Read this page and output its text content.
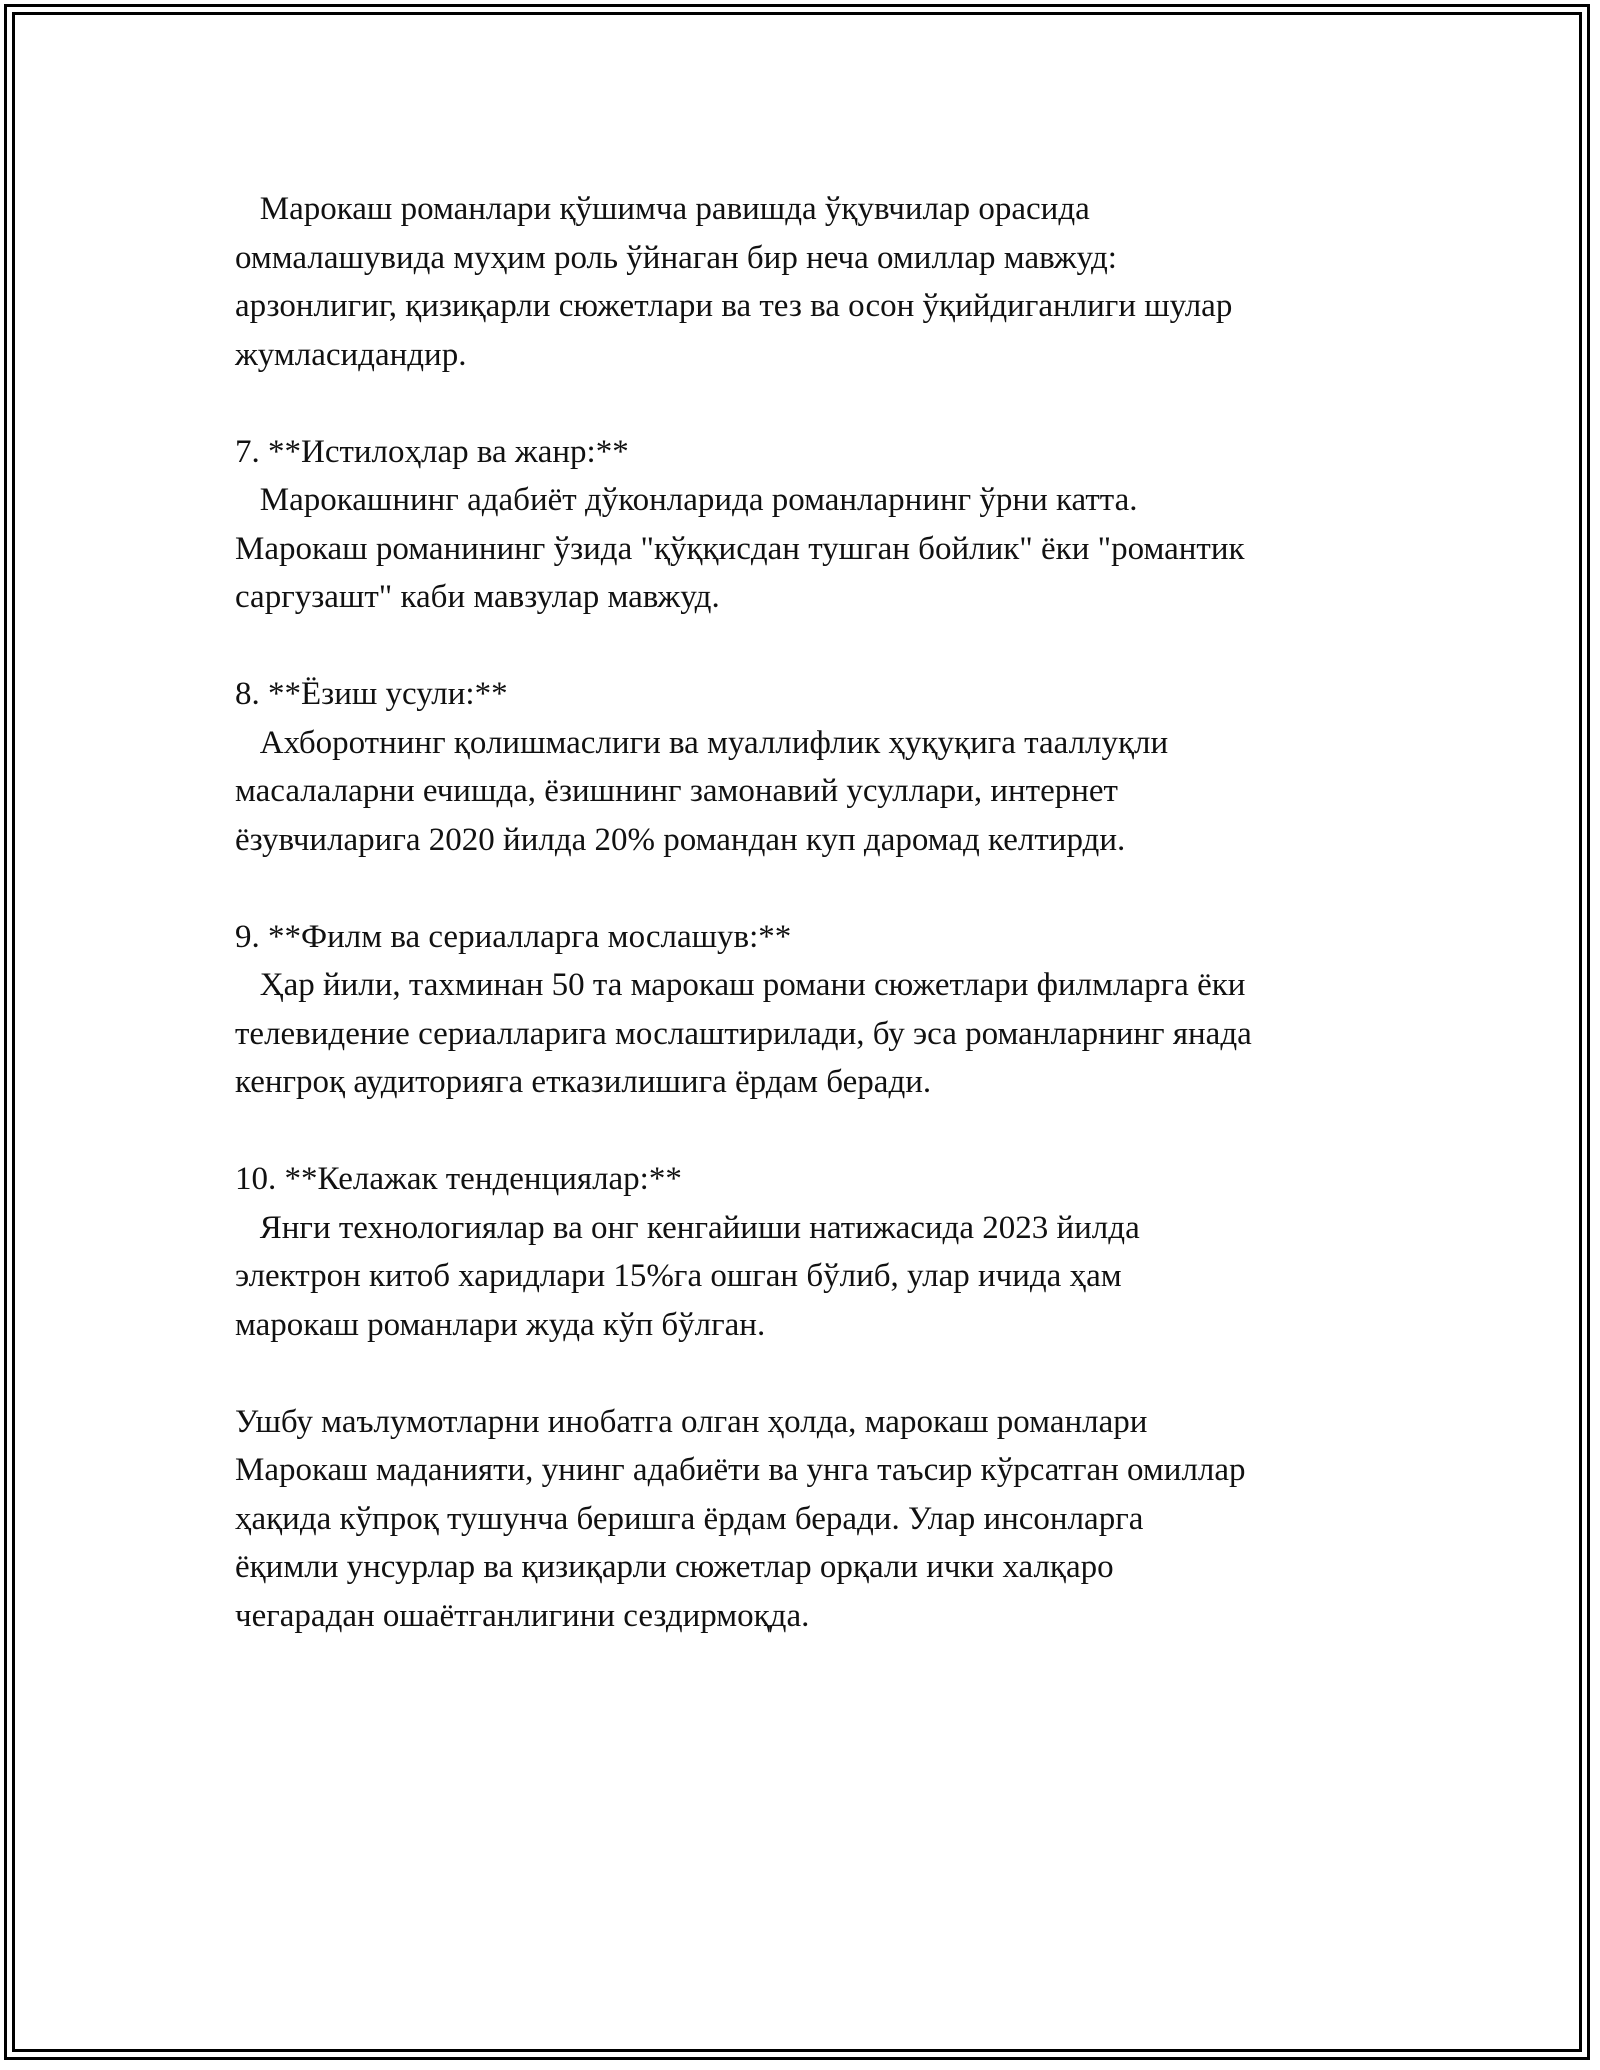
Марокаш романлари қўшимча равишда ўқувчилар орасида
оммалашувида муҳим роль ўйнаган бир неча омиллар мавжуд:
арзонлигиг, қизиқарли сюжетлари ва тез ва осон ўқийдиганлиги шулар
жумласидандир.
7. **Истилоҳлар ва жанр:**
Марокашнинг адабиёт дўконларида романларнинг ўрни катта.
Марокаш романининг ўзида "қўққисдан тушган бойлик" ёки "романтик
саргузашт" каби мавзулар мавжуд.
8. **Ёзиш усули:**
Ахборотнинг қолишмаслиги ва муаллифлик ҳуқуқига тааллуқли
масалаларни ечишда, ёзишнинг замонавий усуллари, интернет
ёзувчиларига 2020 йилда 20% романдан куп даромад келтирди.
9. **Филм ва сериалларга мослашув:**
Ҳар йили, тахминан 50 та марокаш романи сюжетлари филмларга ёки
телевидение сериалларига мослаштирилади, бу эса романларнинг янада
кенгроқ аудиторияга етказилишига ёрдам беради.
10. **Келажак тенденциялар:**
Янги технологиялар ва онг кенгайиши натижасида 2023 йилда
электрон китоб харидлари 15%га ошган бўлиб, улар ичида ҳам
марокаш романлари жуда кўп бўлган.
Ушбу маълумотларни инобатга олган ҳолда, марокаш романлари
Марокаш маданияти, унинг адабиёти ва унга таъсир кўрсатган омиллар
ҳақида кўпроқ тушунча беришга ёрдам беради. Улар инсонларга
ёқимли унсурлар ва қизиқарли сюжетлар орқали ички халқаро
чегарадан ошаётганлигини сездирмоқда.
